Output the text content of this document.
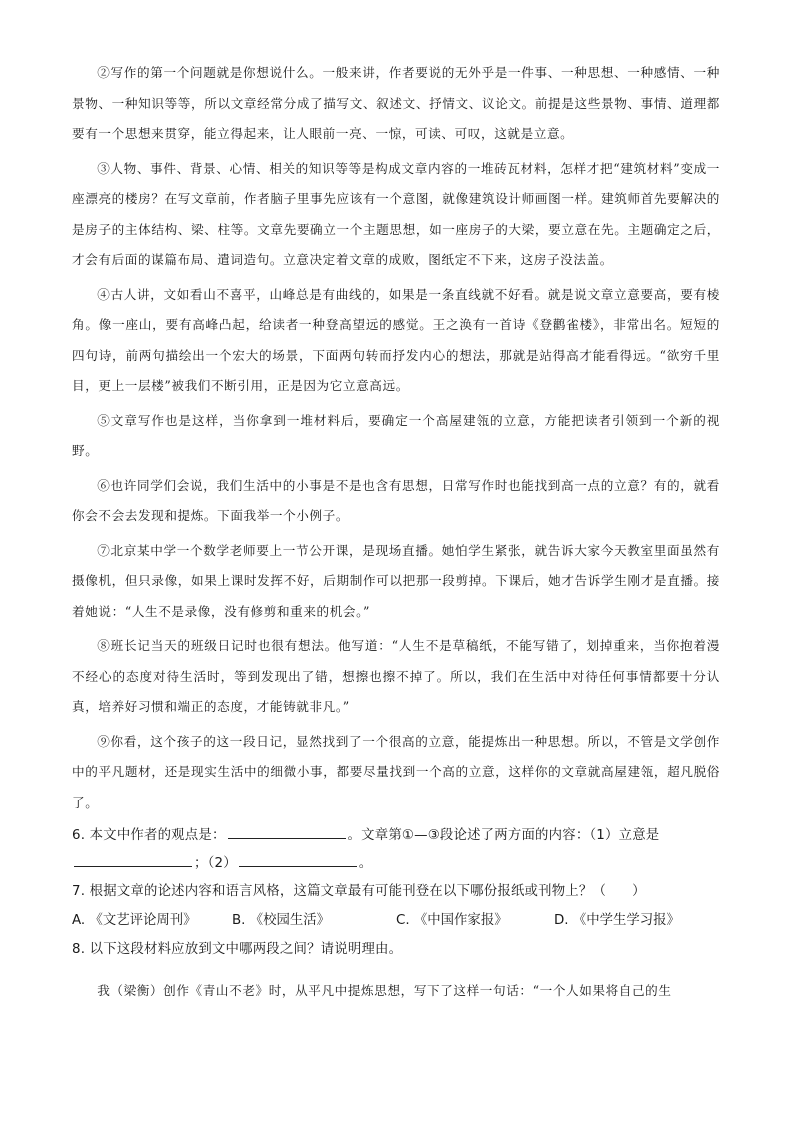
②写作的第一个问题就是你想说什么。一般来讲，作者要说的无外乎是一件事、一种思想、一种感情、一种景物、一种知识等等，所以文章经常分成了描写文、叙述文、抒情文、议论文。前提是这些景物、事情、道理都要有一个思想来贯穿，能立得起来，让人眼前一亮、一惊，可读、可叹，这就是立意。

③人物、事件、背景、心情、相关的知识等等是构成文章内容的一堆砖瓦材料，怎样才把“建筑材料”变成一座漂亮的楼房？在写文章前，作者脑子里事先应该有一个意图，就像建筑设计师画图一样。建筑师首先要解决的是房子的主体结构、梁、柱等。文章先要确立一个主题思想，如一座房子的大梁，要立意在先。主题确定之后，才会有后面的谋篇布局、遣词造句。立意决定着文章的成败，图纸定不下来，这房子没法盖。

④古人讲，文如看山不喜平，山峰总是有曲线的，如果是一条直线就不好看。就是说文章立意要高，要有棱角。像一座山，要有高峰凸起，给读者一种登高望远的感觉。王之涣有一首诗《登鹳雀楼》，非常出名。短短的四句诗，前两句描绘出一个宏大的场景，下面两句转而抒发内心的想法，那就是站得高才能看得远。“欲穷千里目，更上一层楼”被我们不断引用，正是因为它立意高远。

⑤文章写作也是这样，当你拿到一堆材料后，要确定一个高屋建瓴的立意，方能把读者引领到一个新的视野。

⑥也许同学们会说，我们生活中的小事是不是也含有思想，日常写作时也能找到高一点的立意？有的，就看你会不会去发现和提炼。下面我举一个小例子。

⑦北京某中学一个数学老师要上一节公开课，是现场直播。她怕学生紧张，就告诉大家今天教室里面虽然有摄像机，但只录像，如果上课时发挥不好，后期制作可以把那一段剪掉。下课后，她才告诉学生刚才是直播。接着她说：“人生不是录像，没有修剪和重来的机会。”

⑧班长记当天的班级日记时也很有想法。他写道：“人生不是草稿纸，不能写错了，划掉重来，当你抱着漫不经心的态度对待生活时，等到发现出了错，想擦也擦不掉了。所以，我们在生活中对待任何事情都要十分认真，培养好习惯和端正的态度，才能铸就非凡。”

⑨你看，这个孩子的这一段日记，显然找到了一个很高的立意，能提炼出一种思想。所以，不管是文学创作中的平凡题材，还是现实生活中的细微小事，都要尽量找到一个高的立意，这样你的文章就高屋建瓴，超凡脱俗了。

6. 本文中作者的观点是：	。文章第①—③段论述了两方面的内容：（1）立意是

；（2）	。

7. 根据文章的论述内容和语言风格，这篇文章最有可能刊登在以下哪份报纸或刊物上？（ ）

A. 《文艺评论周刊》	B. 《校园生活》	C. 《中国作家报》	D. 《中学生学习报》

8. 以下这段材料应放到文中哪两段之间？请说明理由。

我（梁衡）创作《青山不老》时，从平凡中提炼思想，写下了这样一句话：“一个人如果将自己的生
